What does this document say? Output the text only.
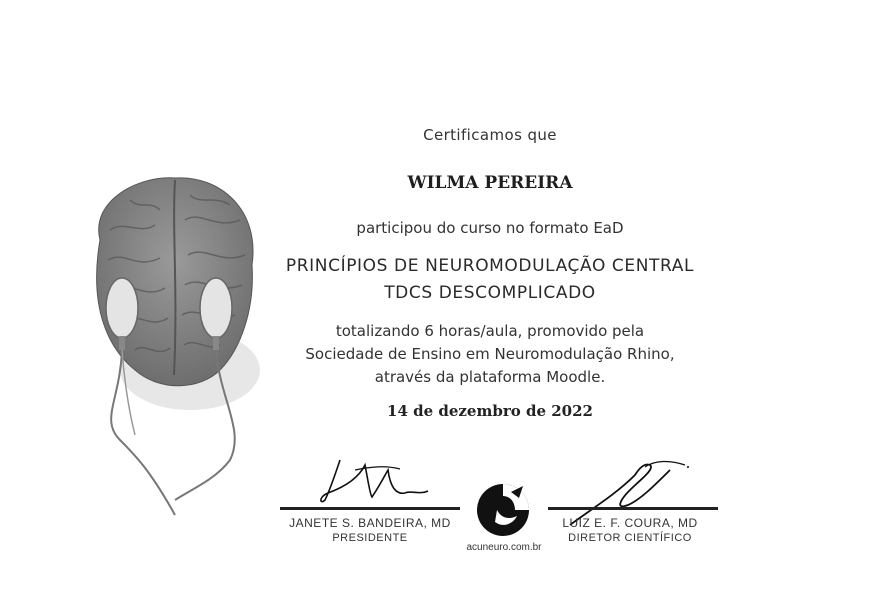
Certificamos que
WILMA PEREIRA
participou do curso no formato EaD
PRINCÍPIOS DE NEUROMODULAÇÃO CENTRAL
TDCS DESCOMPLICADO
totalizando 6 horas/aula, promovido pela
Sociedade de Ensino em Neuromodulação Rhino,
através da plataforma Moodle.
14 de dezembro de 2022
JANETE S. BANDEIRA, MD
PRESIDENTE
acuneuro.com.br
LUIZ E. F. COURA, MD
DIRETOR CIENTÍFICO
